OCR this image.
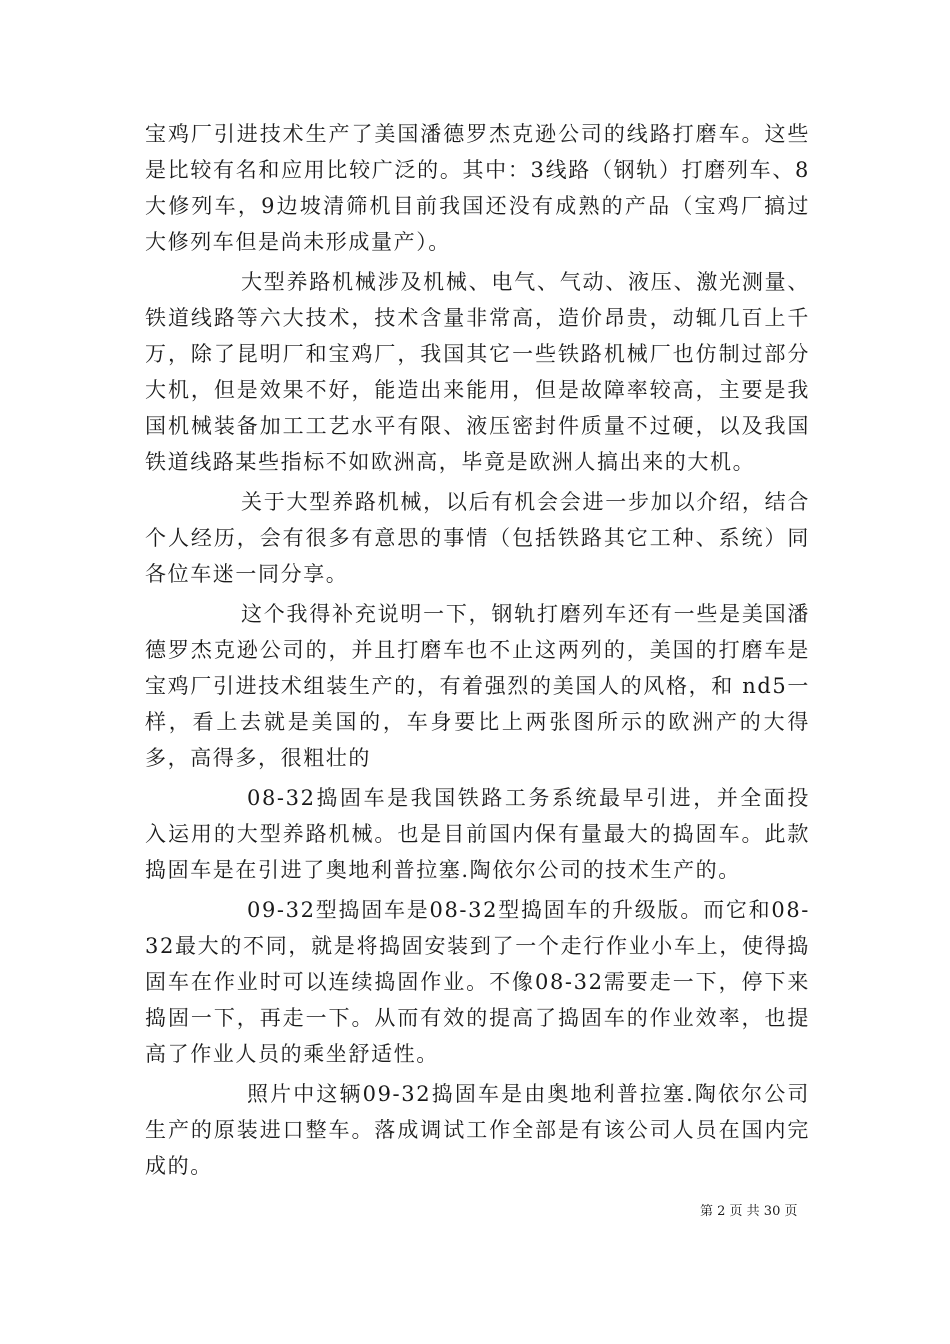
宝鸡厂引进技术生产了美国潘德罗杰克逊公司的线路打磨车。这些是比较有名和应用比较广泛的。其中：3线路（钢轨）打磨列车、8大修列车，9边坡清筛机目前我国还没有成熟的产品（宝鸡厂搞过大修列车但是尚未形成量产）。

大型养路机械涉及机械、电气、气动、液压、激光测量、铁道线路等六大技术，技术含量非常高，造价昂贵，动辄几百上千万，除了昆明厂和宝鸡厂，我国其它一些铁路机械厂也仿制过部分大机，但是效果不好，能造出来能用，但是故障率较高，主要是我国机械装备加工工艺水平有限、液压密封件质量不过硬，以及我国铁道线路某些指标不如欧洲高，毕竟是欧洲人搞出来的大机。

关于大型养路机械，以后有机会会进一步加以介绍，结合个人经历，会有很多有意思的事情（包括铁路其它工种、系统）同各位车迷一同分享。

这个我得补充说明一下，钢轨打磨列车还有一些是美国潘德罗杰克逊公司的，并且打磨车也不止这两列的，美国的打磨车是宝鸡厂引进技术组装生产的，有着强烈的美国人的风格，和 nd5一样，看上去就是美国的，车身要比上两张图所示的欧洲产的大得多，高得多，很粗壮的

08-32捣固车是我国铁路工务系统最早引进，并全面投入运用的大型养路机械。也是目前国内保有量最大的捣固车。此款捣固车是在引进了奥地利普拉塞.陶依尔公司的技术生产的。

09-32型捣固车是08-32型捣固车的升级版。而它和08-32最大的不同，就是将捣固安装到了一个走行作业小车上，使得捣固车在作业时可以连续捣固作业。不像08-32需要走一下，停下来捣固一下，再走一下。从而有效的提高了捣固车的作业效率，也提高了作业人员的乘坐舒适性。

照片中这辆09-32捣固车是由奥地利普拉塞.陶依尔公司生产的原装进口整车。落成调试工作全部是有该公司人员在国内完成的。

第 2 页 共 30 页
